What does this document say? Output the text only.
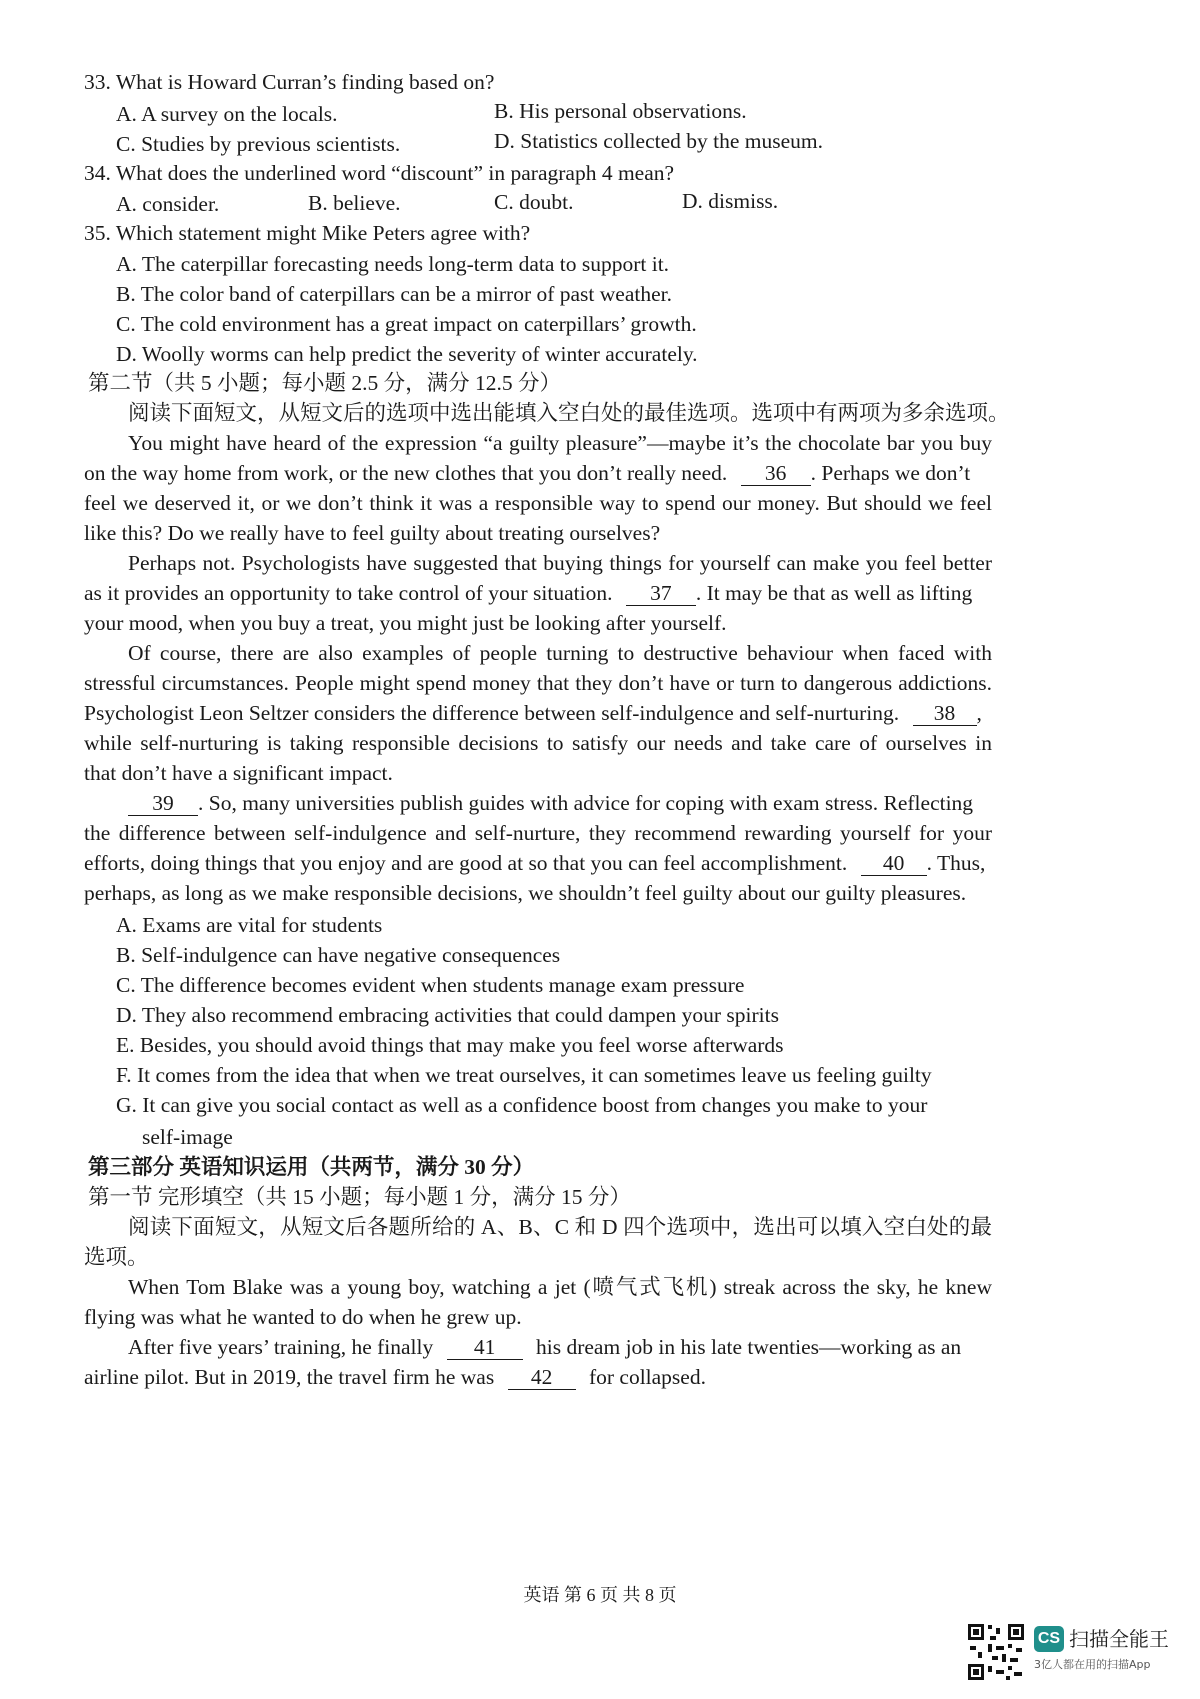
33. What is Howard Curran’s finding based on?
A. A survey on the locals.	B. His personal observations.
C. Studies by previous scientists.	D. Statistics collected by the museum.
34. What does the underlined word “discount” in paragraph 4 mean?
A. consider.	B. believe.	C. doubt.	D. dismiss.
35. Which statement might Mike Peters agree with?
A. The caterpillar forecasting needs long-term data to support it.
B. The color band of caterpillars can be a mirror of past weather.
C. The cold environment has a great impact on caterpillars’ growth.
D. Woolly worms can help predict the severity of winter accurately.
第二节（共 5 小题；每小题 2.5 分，满分 12.5 分）
阅读下面短文，从短文后的选项中选出能填入空白处的最佳选项。选项中有两项为多余选项。
You might have heard of the expression “a guilty pleasure”—maybe it’s the chocolate bar you buy
on the way home from work, or the new clothes that you don’t really need. 36 . Perhaps we don’t
feel we deserved it, or we don’t think it was a responsible way to spend our money. But should we feel
like this? Do we really have to feel guilty about treating ourselves?
Perhaps not. Psychologists have suggested that buying things for yourself can make you feel better
as it provides an opportunity to take control of your situation. 37 . It may be that as well as lifting
your mood, when you buy a treat, you might just be looking after yourself.
Of course, there are also examples of people turning to destructive behaviour when faced with
stressful circumstances. People might spend money that they don’t have or turn to dangerous addictions.
Psychologist Leon Seltzer considers the difference between self-indulgence and self-nurturing. 38 ,
while self-nurturing is taking responsible decisions to satisfy our needs and take care of ourselves in
that don’t have a significant impact.
39 . So, many universities publish guides with advice for coping with exam stress. Reflecting
the difference between self-indulgence and self-nurture, they recommend rewarding yourself for your
efforts, doing things that you enjoy and are good at so that you can feel accomplishment. 40 . Thus,
perhaps, as long as we make responsible decisions, we shouldn’t feel guilty about our guilty pleasures.
A. Exams are vital for students
B. Self-indulgence can have negative consequences
C. The difference becomes evident when students manage exam pressure
D. They also recommend embracing activities that could dampen your spirits
E. Besides, you should avoid things that may make you feel worse afterwards
F. It comes from the idea that when we treat ourselves, it can sometimes leave us feeling guilty
G. It can give you social contact as well as a confidence boost from changes you make to your
self-image
第三部分 英语知识运用（共两节，满分 30 分）
第一节 完形填空（共 15 小题；每小题 1 分，满分 15 分）
阅读下面短文，从短文后各题所给的 A、B、C 和 D 四个选项中，选出可以填入空白处的最
选项。
When Tom Blake was a young boy, watching a jet (喷气式飞机) streak across the sky, he knew
flying was what he wanted to do when he grew up.
After five years’ training, he finally 41 his dream job in his late twenties—working as an
airline pilot. But in 2019, the travel firm he was 42 for collapsed.
英语 第 6 页 共 8 页
CS 扫描全能王
3亿人都在用的扫描App
